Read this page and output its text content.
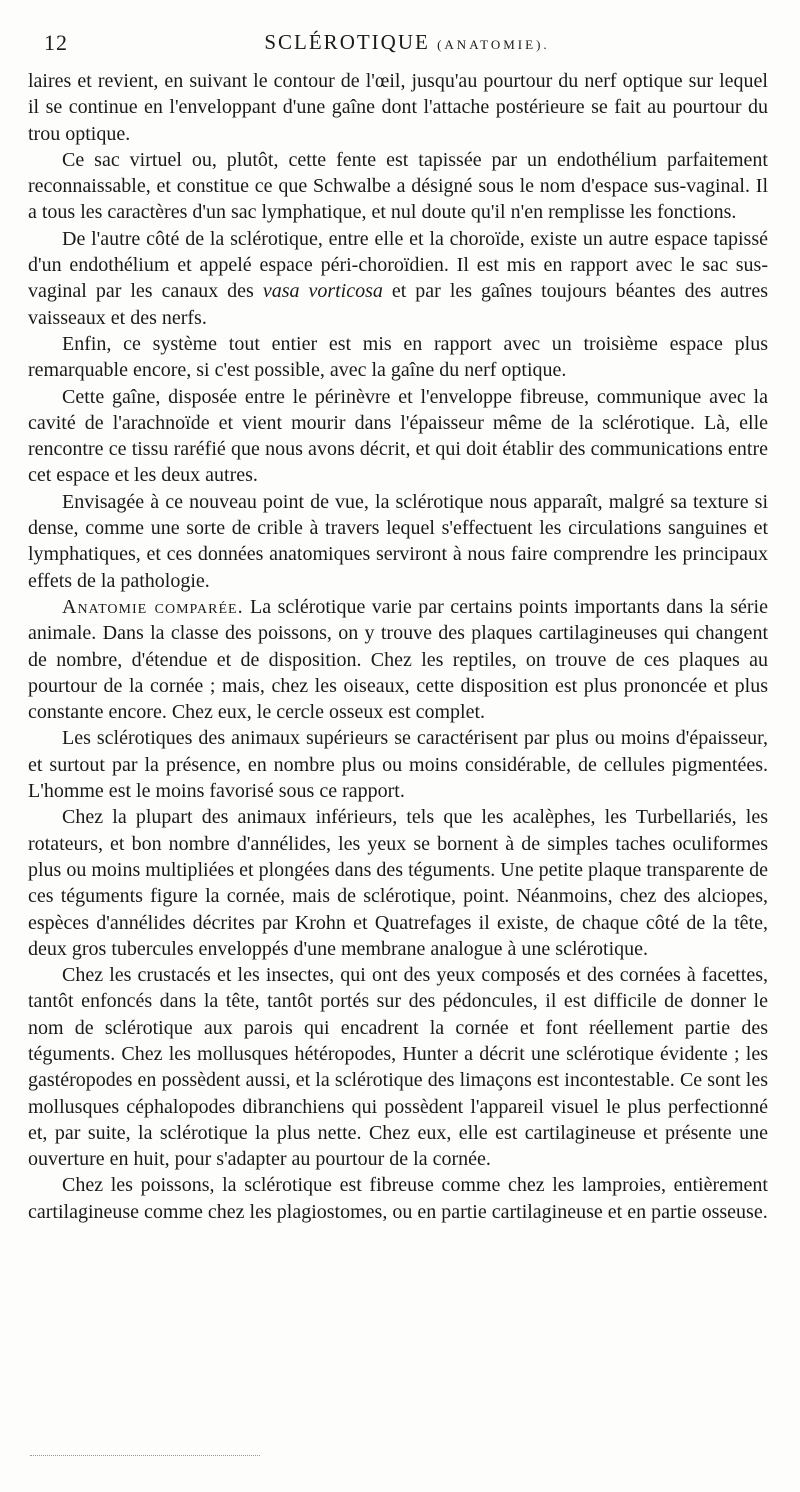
12	SCLÉROTIQUE (ANATOMIE).

laires et revient, en suivant le contour de l'œil, jusqu'au pourtour du nerf optique sur lequel il se continue en l'enveloppant d'une gaîne dont l'attache postérieure se fait au pourtour du trou optique.

Ce sac virtuel ou, plutôt, cette fente est tapissée par un endothélium parfaitement reconnaissable, et constitue ce que Schwalbe a désigné sous le nom d'espace sus-vaginal. Il a tous les caractères d'un sac lymphatique, et nul doute qu'il n'en remplisse les fonctions.

De l'autre côté de la sclérotique, entre elle et la choroïde, existe un autre espace tapissé d'un endothélium et appelé espace péri-choroïdien. Il est mis en rapport avec le sac sus-vaginal par les canaux des vasa vorticosa et par les gaînes toujours béantes des autres vaisseaux et des nerfs.

Enfin, ce système tout entier est mis en rapport avec un troisième espace plus remarquable encore, si c'est possible, avec la gaîne du nerf optique.

Cette gaîne, disposée entre le périnèvre et l'enveloppe fibreuse, communique avec la cavité de l'arachnoïde et vient mourir dans l'épaisseur même de la sclérotique. Là, elle rencontre ce tissu raréfié que nous avons décrit, et qui doit établir des communications entre cet espace et les deux autres.

Envisagée à ce nouveau point de vue, la sclérotique nous apparaît, malgré sa texture si dense, comme une sorte de crible à travers lequel s'effectuent les circulations sanguines et lymphatiques, et ces données anatomiques serviront à nous faire comprendre les principaux effets de la pathologie.

Anatomie comparée. La sclérotique varie par certains points importants dans la série animale. Dans la classe des poissons, on y trouve des plaques cartilagineuses qui changent de nombre, d'étendue et de disposition. Chez les reptiles, on trouve de ces plaques au pourtour de la cornée ; mais, chez les oiseaux, cette disposition est plus prononcée et plus constante encore. Chez eux, le cercle osseux est complet.

Les sclérotiques des animaux supérieurs se caractérisent par plus ou moins d'épaisseur, et surtout par la présence, en nombre plus ou moins considérable, de cellules pigmentées. L'homme est le moins favorisé sous ce rapport.

Chez la plupart des animaux inférieurs, tels que les acalèphes, les Turbellariés, les rotateurs, et bon nombre d'annélides, les yeux se bornent à de simples taches oculiformes plus ou moins multipliées et plongées dans des téguments. Une petite plaque transparente de ces téguments figure la cornée, mais de sclérotique, point. Néanmoins, chez des alciopes, espèces d'annélides décrites par Krohn et Quatrefages il existe, de chaque côté de la tête, deux gros tubercules enveloppés d'une membrane analogue à une sclérotique.

Chez les crustacés et les insectes, qui ont des yeux composés et des cornées à facettes, tantôt enfoncés dans la tête, tantôt portés sur des pédoncules, il est difficile de donner le nom de sclérotique aux parois qui encadrent la cornée et font réellement partie des téguments. Chez les mollusques hétéropodes, Hunter a décrit une sclérotique évidente ; les gastéropodes en possèdent aussi, et la sclérotique des limaçons est incontestable. Ce sont les mollusques céphalopodes dibranchiens qui possèdent l'appareil visuel le plus perfectionné et, par suite, la sclérotique la plus nette. Chez eux, elle est cartilagineuse et présente une ouverture en huit, pour s'adapter au pourtour de la cornée.

Chez les poissons, la sclérotique est fibreuse comme chez les lamproies, entièrement cartilagineuse comme chez les plagiostomes, ou en partie cartilagineuse et en partie osseuse.
